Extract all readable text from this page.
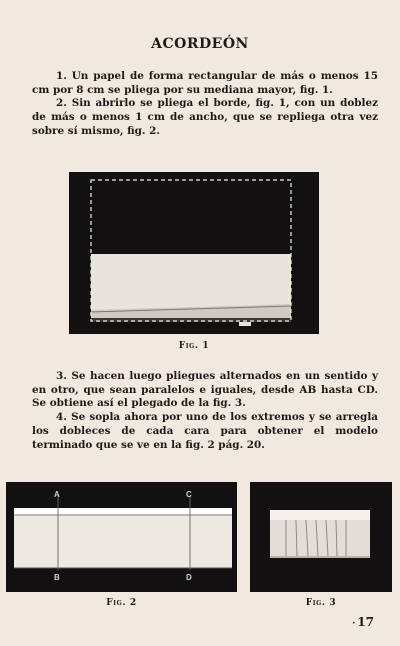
ACORDEÓN

1. Un papel de forma rectangular de más o menos 15 cm por 8 cm se pliega por su mediana mayor, fig. 1.

2. Sin abrirlo se pliega el borde, fig. 1, con un doblez de más o menos 1 cm de ancho, que se repliega otra vez sobre sí mismo, fig. 2.

Fig. 1

3. Se hacen luego pliegues alternados en un sentido y en otro, que sean paralelos e iguales, desde AB hasta CD. Se obtiene así el plegado de la fig. 3.

4. Se sopla ahora por uno de los extremos y se arregla los dobleces de cada cara para obtener el modelo terminado que se ve en la fig. 2 pág. 20.

A
B
C
D
Fig. 2	Fig. 3
· 17
